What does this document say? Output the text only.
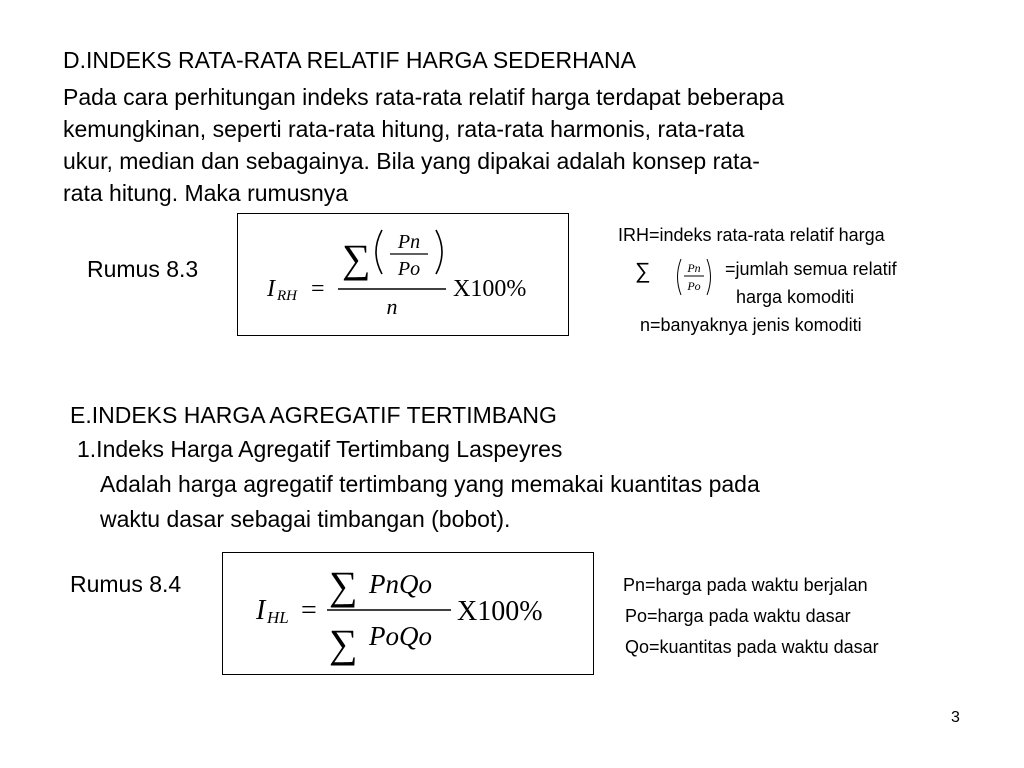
D.INDEKS RATA-RATA RELATIF HARGA SEDERHANA
Pada cara perhitungan indeks rata-rata relatif harga terdapat beberapa
kemungkinan, seperti rata-rata hitung, rata-rata harmonis, rata-rata
ukur, median dan sebagainya. Bila yang dipakai adalah konsep rata-
rata hitung. Maka rumusnya
Rumus 8.3
I RH =
∑ Pn
Po
n
X100%
IRH=indeks rata-rata relatif harga
∑	Pn
Po
=jumlah semua relatif
harga komoditi
n=banyaknya jenis komoditi
E.INDEKS HARGA AGREGATIF TERTIMBANG
1.Indeks Harga Agregatif Tertimbang Laspeyres
Adalah harga agregatif tertimbang yang memakai kuantitas pada
waktu dasar sebagai timbangan (bobot).
Rumus 8.4
I HL =
∑ PnQo
∑ PoQo
X100%
Pn=harga pada waktu berjalan
Po=harga pada waktu dasar
Qo=kuantitas pada waktu dasar
3
